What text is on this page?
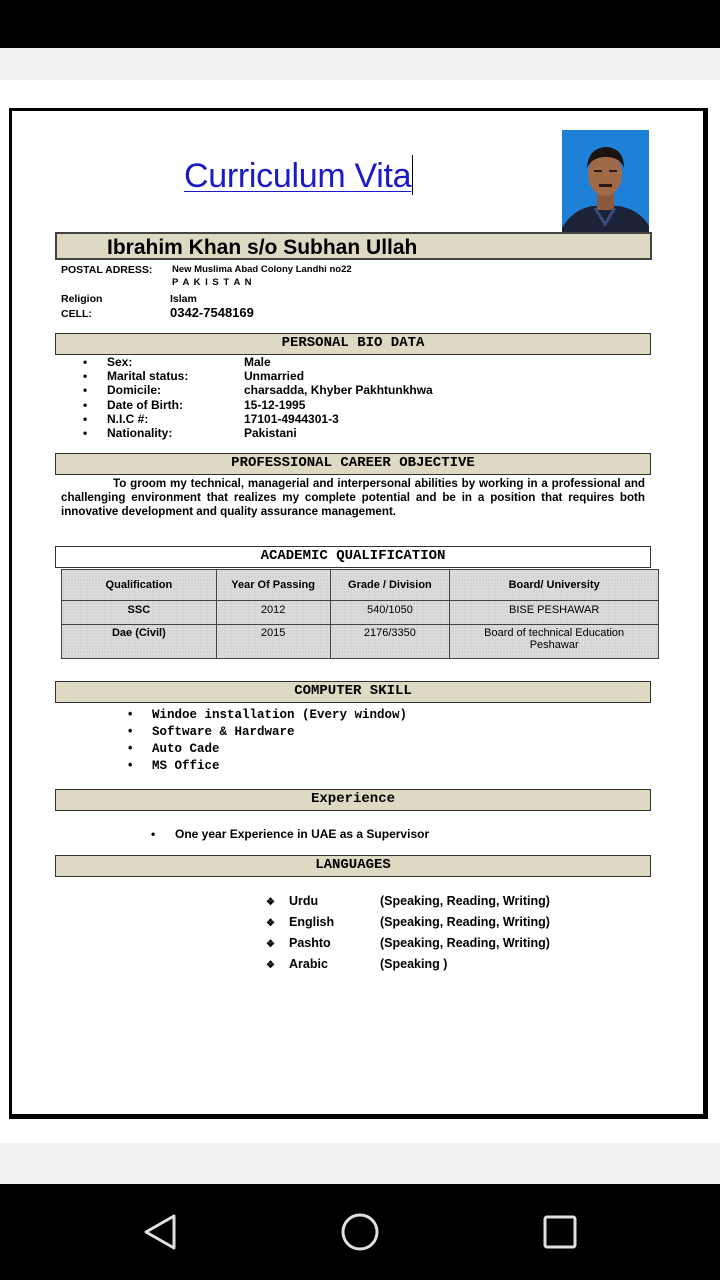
Curriculum Vita
Ibrahim Khan s/o Subhan Ullah
POSTAL ADRESS: New Muslima Abad Colony Landhi no22
P A K I S T A N
Religion	Islam
CELL:	0342-7548169
PERSONAL BIO DATA
• Sex:	Male
• Marital status:	Unmarried
• Domicile:	charsadda, Khyber Pakhtunkhwa
• Date of Birth:	15-12-1995
• N.I.C #:	17101-4944301-3
• Nationality:	Pakistani
PROFESSIONAL CAREER OBJECTIVE

To groom my technical, managerial and interpersonal abilities by working in a professional and challenging environment that realizes my complete potential and be in a position that requires both innovative development and quality assurance management.

ACADEMIC QUALIFICATION
Qualification	Year Of Passing	Grade / Division	Board/ University
SSC	2012	540/1050	BISE PESHAWAR
Dae (Civil)	2015	2176/3350	Board of technical Education Peshawar
COMPUTER SKILL
• Windoe installation (Every window)
• Software & Hardware
• Auto Cade
• MS Office
Experience
• One year Experience in UAE as a Supervisor
LANGUAGES
❖ Urdu	(Speaking, Reading, Writing)
❖ English	(Speaking, Reading, Writing)
❖ Pashto	(Speaking, Reading, Writing)
❖ Arabic	(Speaking )
